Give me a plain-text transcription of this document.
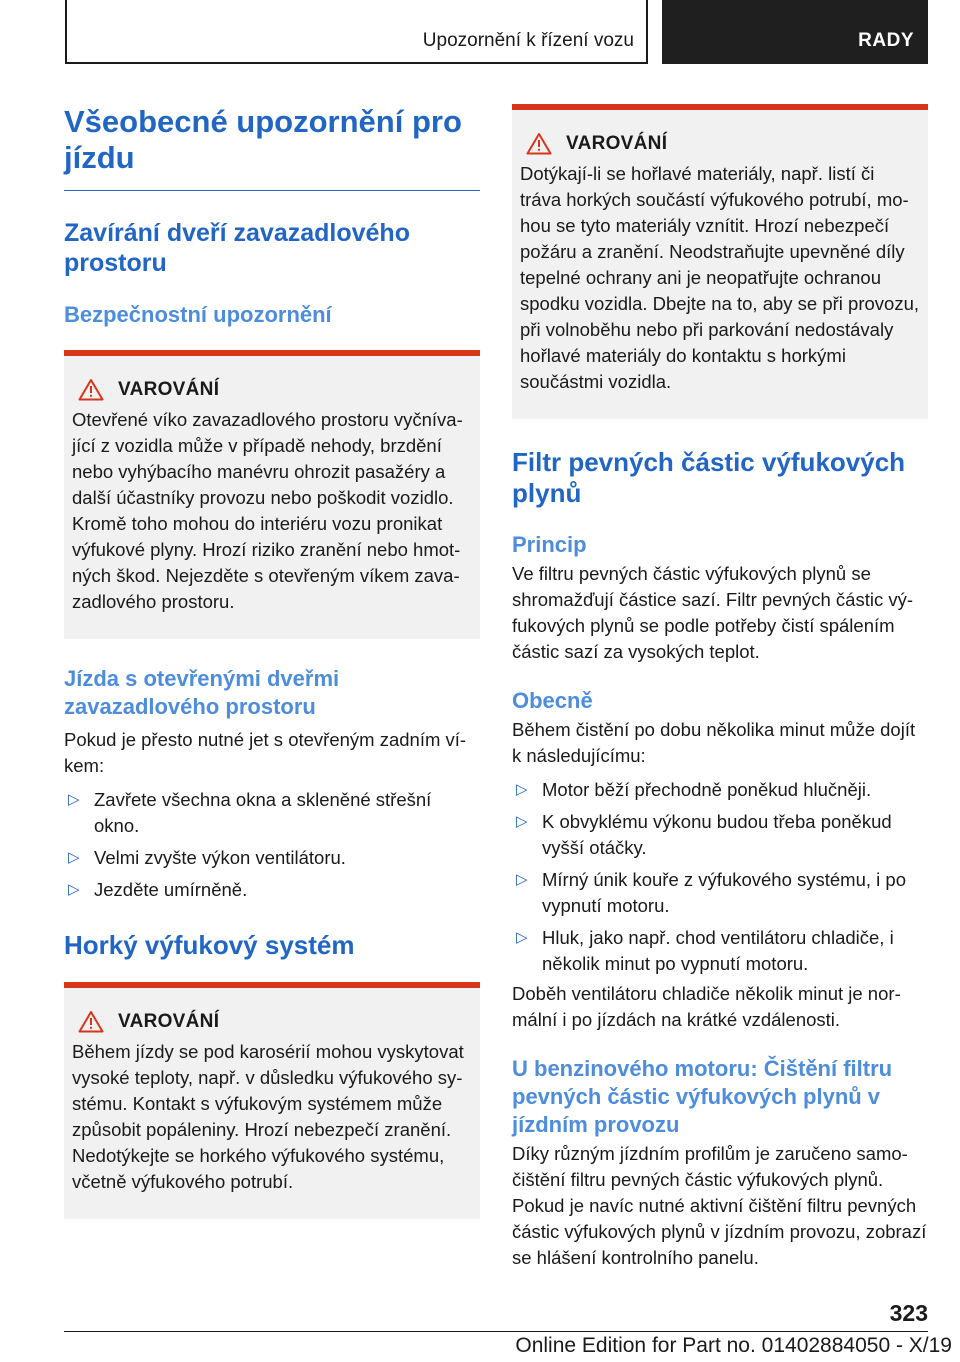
Upozornění k řízení vozu	RADY
Všeobecné upozornění pro jízdu
Zavírání dveří zavazadlového prostoru
Bezpečnostní upozornění
VAROVÁNÍ
Otevřené víko zavazadlového prostoru vyčnívající z vozidla může v případě nehody, brzdění nebo vyhýbacího manévru ohrozit pasažéry a další účastníky provozu nebo poškodit vozidlo. Kromě toho mohou do interiéru vozu pronikat výfukové plyny. Hrozí riziko zranění nebo hmotných škod. Nejezděte s otevřeným víkem zavazadlového prostoru.
Jízda s otevřenými dveřmi zavazadlového prostoru

Pokud je přesto nutné jet s otevřeným zadním víkem:

▷ Zavřete všechna okna a skleněné střešní okno.
▷ Velmi zvyšte výkon ventilátoru.
▷ Jezděte umírněně.
Horký výfukový systém
VAROVÁNÍ
Během jízdy se pod karosérií mohou vyskytovat vysoké teploty, např. v důsledku výfukového systému. Kontakt s výfukovým systémem může způsobit popáleniny. Hrozí nebezpečí zranění. Nedotýkejte se horkého výfukového systému, včetně výfukového potrubí.
VAROVÁNÍ
Dotýkají-li se hořlavé materiály, např. listí či tráva horkých součástí výfukového potrubí, mohou se tyto materiály vznítit. Hrozí nebezpečí požáru a zranění. Neodstraňujte upevněné díly tepelné ochrany ani je neopatřujte ochranou spodku vozidla. Dbejte na to, aby se při provozu, při volnoběhu nebo při parkování nedostávaly hořlavé materiály do kontaktu s horkými součástmi vozidla.
Filtr pevných částic výfukových plynů
Princip

Ve filtru pevných částic výfukových plynů se shromažďují částice sazí. Filtr pevných částic výfukových plynů se podle potřeby čistí spálením částic sazí za vysokých teplot.

Obecně

Během čistění po dobu několika minut může dojít k následujícímu:

▷ Motor běží přechodně poněkud hlučněji.
▷ K obvyklému výkonu budou třeba poněkud vyšší otáčky.
▷ Mírný únik kouře z výfukového systému, i po vypnutí motoru.
▷ Hluk, jako např. chod ventilátoru chladiče, i několik minut po vypnutí motoru.

Doběh ventilátoru chladiče několik minut je normální i po jízdách na krátké vzdálenosti.

U benzinového motoru: Čištění filtru pevných částic výfukových plynů v jízdním provozu

Díky různým jízdním profilům je zaručeno samočištění filtru pevných částic výfukových plynů. Pokud je navíc nutné aktivní čištění filtru pevných částic výfukových plynů v jízdním provozu, zobrazí se hlášení kontrolního panelu.

323
Online Edition for Part no. 01402884050 - X/19
